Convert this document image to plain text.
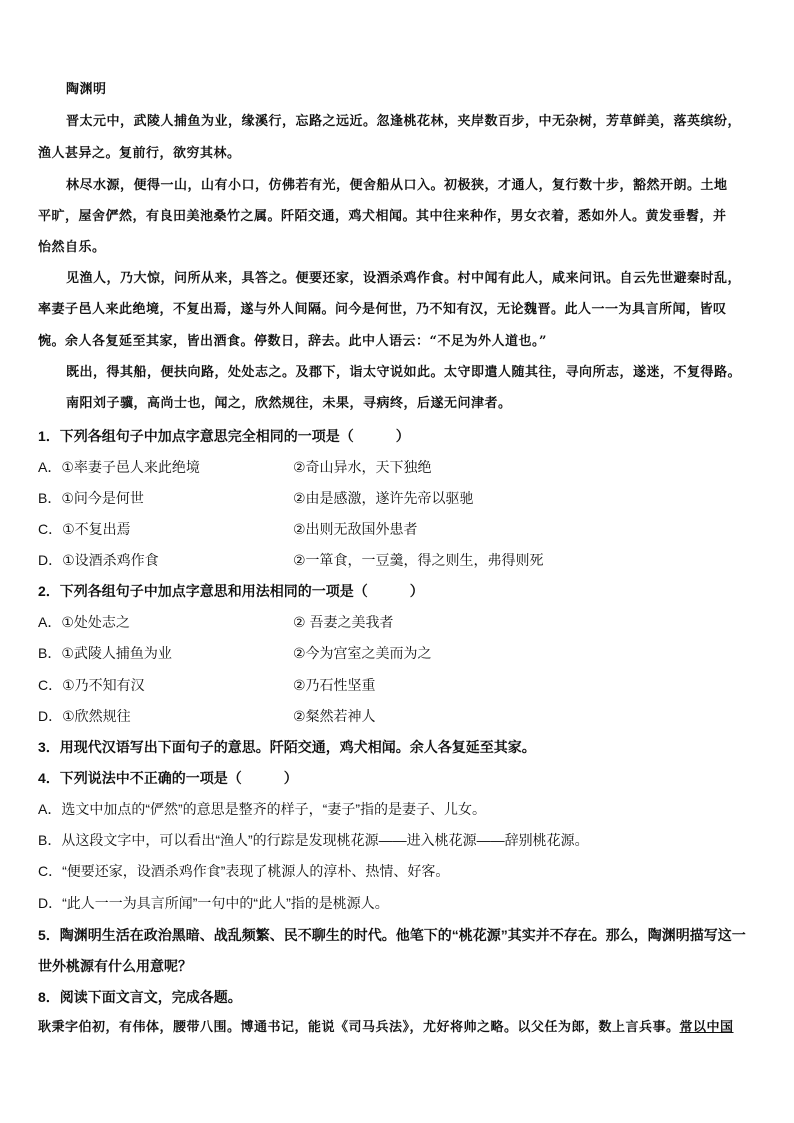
陶渊明
晋太元中，武陵人捕鱼为业，缘溪行，忘路之远近。忽逢桃花林，夹岸数百步，中无杂树，芳草鲜美，落英缤纷，
渔人甚异之。复前行，欲穷其林。
林尽水源，便得一山，山有小口，仿佛若有光，便舍船从口入。初极狭，才通人，复行数十步，豁然开朗。土地
平旷，屋舍俨然，有良田美池桑竹之属。阡陌交通，鸡犬相闻。其中往来种作，男女衣着，悉如外人。黄发垂髫，并
怡然自乐。
见渔人，乃大惊，问所从来，具答之。便要还家，设酒杀鸡作食。村中闻有此人，咸来问讯。自云先世避秦时乱，
率妻子邑人来此绝境，不复出焉，遂与外人间隔。问今是何世，乃不知有汉，无论魏晋。此人一一为具言所闻，皆叹
惋。余人各复延至其家，皆出酒食。停数日，辞去。此中人语云：“不足为外人道也。”
既出，得其船，便扶向路，处处志之。及郡下，诣太守说如此。太守即遣人随其往，寻向所志，遂迷，不复得路。
南阳刘子骥，高尚士也，闻之，欣然规往，未果，寻病终，后遂无问津者。
1．下列各组句子中加点字意思完全相同的一项是（　　　）
A．①率妻子邑人来此绝境	②奇山异水，天下独绝
B．①问今是何世	②由是感激，遂许先帝以驱驰
C．①不复出焉	②出则无敌国外患者
D．①设酒杀鸡作食	②一箪食，一豆羹，得之则生，弗得则死
2．下列各组句子中加点字意思和用法相同的一项是（　　　）
A．①处处志之	② 吾妻之美我者
B．①武陵人捕鱼为业	②今为宫室之美而为之
C．①乃不知有汉	②乃石性坚重
D．①欣然规往	②粲然若神人
3．用现代汉语写出下面句子的意思。阡陌交通，鸡犬相闻。余人各复延至其家。
4．下列说法中不正确的一项是（　　　）
A．选文中加点的“俨然”的意思是整齐的样子，“妻子”指的是妻子、儿女。
B．从这段文字中，可以看出“渔人”的行踪是发现桃花源——进入桃花源——辞别桃花源。
C．“便要还家，设酒杀鸡作食”表现了桃源人的淳朴、热情、好客。
D．“此人一一为具言所闻”一句中的“此人”指的是桃源人。
5．陶渊明生活在政治黑暗、战乱频繁、民不聊生的时代。他笔下的“桃花源”其实并不存在。那么，陶渊明描写这一
世外桃源有什么用意呢？
8．阅读下面文言文，完成各题。
耿秉字伯初，有伟体，腰带八围。博通书记，能说《司马兵法》，尤好将帅之略。以父任为郎，数上言兵事。常以中国
